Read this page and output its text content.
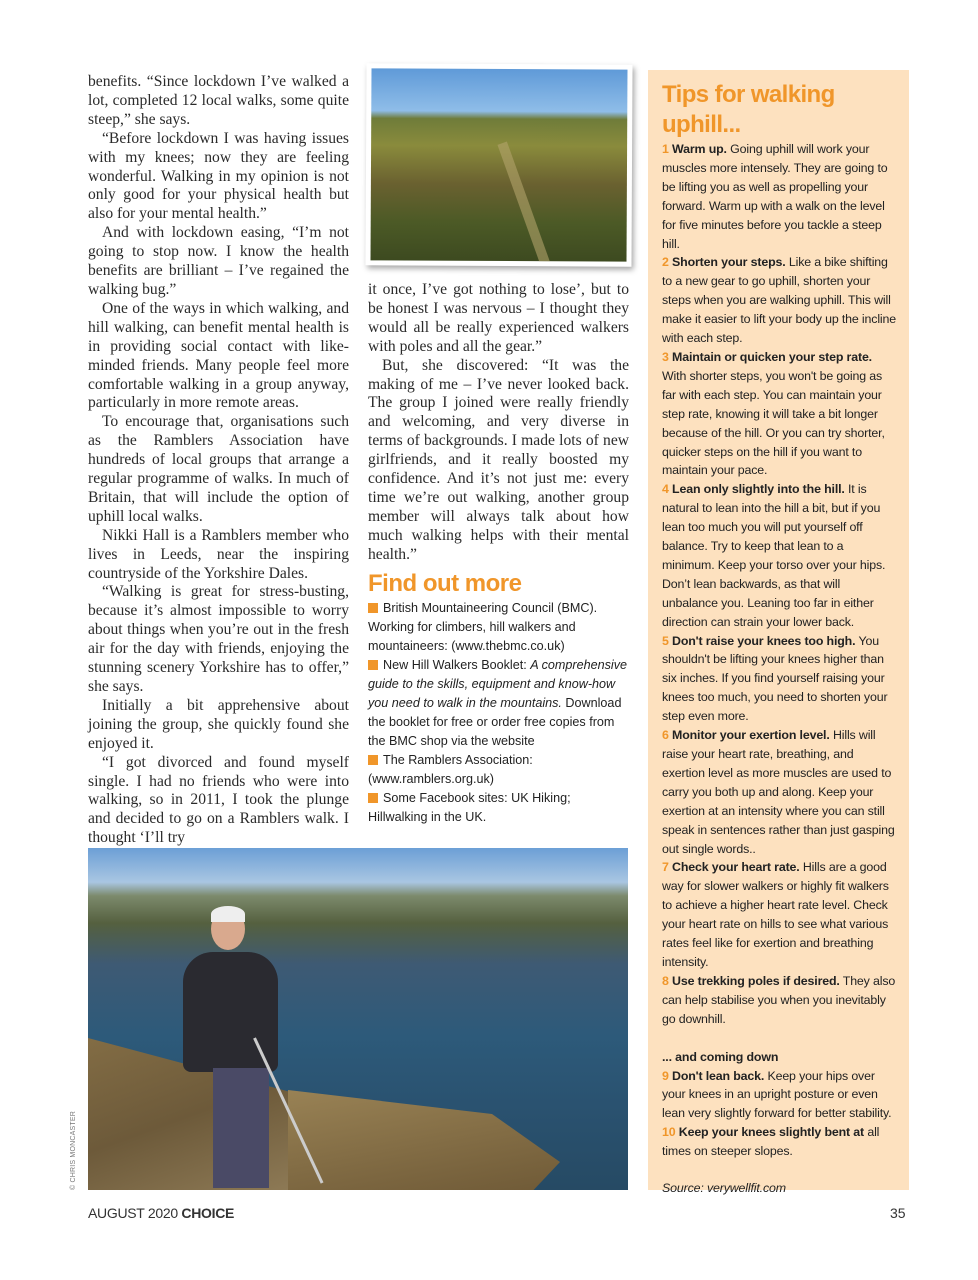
benefits. “Since lockdown I’ve walked a lot, completed 12 local walks, some quite steep,” she says.

“Before lockdown I was having issues with my knees; now they are feeling wonderful. Walking in my opinion is not only good for your physical health but also for your mental health.”

And with lockdown easing, “I’m not going to stop now. I know the health benefits are brilliant – I’ve regained the walking bug.”

One of the ways in which walking, and hill walking, can benefit mental health is in providing social contact with like-minded friends. Many people feel more comfortable walking in a group anyway, particularly in more remote areas.

To encourage that, organisations such as the Ramblers Association have hundreds of local groups that arrange a regular programme of walks. In much of Britain, that will include the option of uphill local walks.

Nikki Hall is a Ramblers member who lives in Leeds, near the inspiring countryside of the Yorkshire Dales.

“Walking is great for stress-busting, because it’s almost impossible to worry about things when you’re out in the fresh air for the day with friends, enjoying the stunning scenery Yorkshire has to offer,” she says.

Initially a bit apprehensive about joining the group, she quickly found she enjoyed it.

“I got divorced and found myself single. I had no friends who were into walking, so in 2011, I took the plunge and decided to go on a Ramblers walk. I thought ‘I’ll try

it once, I’ve got nothing to lose’, but to be honest I was nervous – I thought they would all be really experienced walkers with poles and all the gear.”

But, she discovered: “It was the making of me – I’ve never looked back. The group I joined were really friendly and welcoming, and very diverse in terms of backgrounds. I made lots of new girlfriends, and it really boosted my confidence. And it’s not just me: every time we’re out walking, another group member will always talk about how much walking helps with their mental health.”

Find out more
British Mountaineering Council (BMC). Working for climbers, hill walkers and mountaineers: (www.thebmc.co.uk)
New Hill Walkers Booklet: A comprehensive guide to the skills, equipment and know-how you need to walk in the mountains. Download the booklet for free or order free copies from the BMC shop via the website
The Ramblers Association: (www.ramblers.org.uk)
Some Facebook sites: UK Hiking; Hillwalking in the UK.
Tips for walking uphill...
1 Warm up. Going uphill will work your muscles more intensely. They are going to be lifting you as well as propelling your forward. Warm up with a walk on the level for five minutes before you tackle a steep hill.
2 Shorten your steps. Like a bike shifting to a new gear to go uphill, shorten your steps when you are walking uphill. This will make it easier to lift your body up the incline with each step.
3 Maintain or quicken your step rate. With shorter steps, you won't be going as far with each step. You can maintain your step rate, knowing it will take a bit longer because of the hill. Or you can try shorter, quicker steps on the hill if you want to maintain your pace.
4 Lean only slightly into the hill. It is natural to lean into the hill a bit, but if you lean too much you will put yourself off balance. Try to keep that lean to a minimum. Keep your torso over your hips. Don’t lean backwards, as that will unbalance you. Leaning too far in either direction can strain your lower back.
5 Don't raise your knees too high. You shouldn't be lifting your knees higher than six inches. If you find yourself raising your knees too much, you need to shorten your step even more.
6 Monitor your exertion level. Hills will raise your heart rate, breathing, and exertion level as more muscles are used to carry you both up and along. Keep your exertion at an intensity where you can still speak in sentences rather than just gasping out single words..
7 Check your heart rate. Hills are a good way for slower walkers or highly fit walkers to achieve a higher heart rate level. Check your heart rate on hills to see what various rates feel like for exertion and breathing intensity.
8 Use trekking poles if desired. They also can help stabilise you when you inevitably go downhill.
... and coming down
9 Don't lean back. Keep your hips over your knees in an upright posture or even lean very slightly forward for better stability.
10 Keep your knees slightly bent at all times on steeper slopes.
Source: verywellfit.com
© CHRIS MONCASTER
AUGUST 2020 CHOICE	35
